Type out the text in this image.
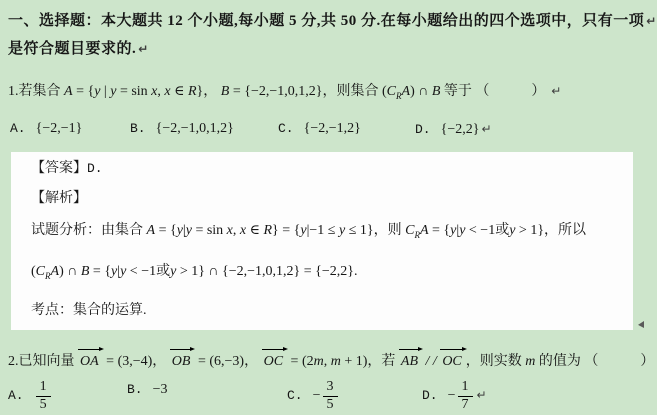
一、选择题：本大题共 12 个小题,每小题 5 分,共 50 分.在每小题给出的四个选项中，只有一项 ↵
是符合题目要求的. ↵
1.若集合 A = {y | y = sin x, x ∈ R}， B = {−2,−1,0,1,2}，则集合 $(C_RA)$ ∩ B 等于 （　　　） ↵
A. {−2,−1}	B. {−2,−1,0,1,2}	C. {−2,−1,2}	D. {−2,2} ↵
【答案】D.
【解析】
试题分析：由集合 A = {y|y = sin x, x ∈ R} = {y|−1 ≤ y ≤ 1}，则 $C_RA = \{y|y < -1$或y > 1}，所以
$(C_RA)$ ∩ B = {y|y < −1或y > 1} ∩ {−2,−1,0,1,2} = {−2,2}.
考点：集合的运算.
2.已知向量 OA = (3,−4)， OB = (6,−3)， OC = (2m, m + 1)，若 AB / / OC ，则实数 m 的值为 （　　　）
A. $\frac{1}{5}$	B. −3	C. − $\frac{3}{5}$	D. − $\frac{1}{7}$ ↵
